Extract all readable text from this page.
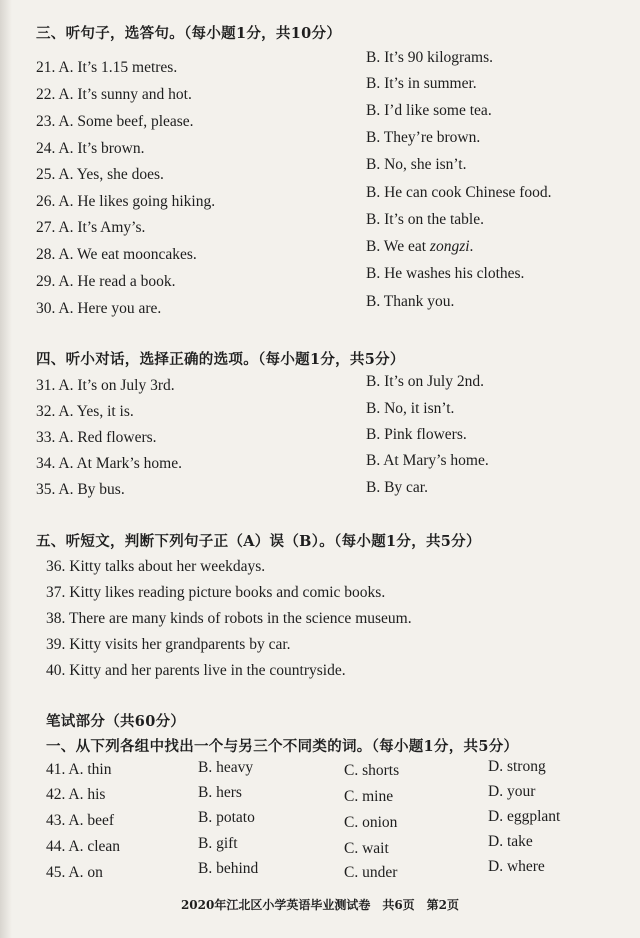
三、听句子，选答句。（每小题1分，共10分）
21. A. It’s 1.15 metres.
B. It’s 90 kilograms.
22. A. It’s sunny and hot.
B. It’s in summer.
23. A. Some beef, please.
B. I’d like some tea.
24. A. It’s brown.
B. They’re brown.
25. A. Yes, she does.
B. No, she isn’t.
26. A. He likes going hiking.
B. He can cook Chinese food.
27. A. It’s Amy’s.	B. It’s on the table.
28. A. We eat mooncakes.	B. We eat zongzi.
29. A. He read a book.	B. He washes his clothes.
30. A. Here you are.	B. Thank you.
四、听小对话，选择正确的选项。（每小题1分，共5分）
31. A. It’s on July 3rd.	B. It’s on July 2nd.
32. A. Yes, it is.	B. No, it isn’t.
33. A. Red flowers.	B. Pink flowers.
34. A. At Mark’s home.	B. At Mary’s home.
35. A. By bus.	B. By car.
五、听短文，判断下列句子正（A）误（B）。（每小题1分，共5分）
36. Kitty talks about her weekdays.
37. Kitty likes reading picture books and comic books.
38. There are many kinds of robots in the science museum.
39. Kitty visits her grandparents by car.
40. Kitty and her parents live in the countryside.
笔试部分（共60分）
一、从下列各组中找出一个与另三个不同类的词。（每小题1分，共5分）
41. A. thin	B. heavy	C. shorts	D. strong
42. A. his	B. hers	C. mine	D. your
43. A. beef	B. potato	C. onion	D. eggplant
44. A. clean	B. gift	C. wait	D. take
45. A. on	B. behind	C. under	D. where
2020年江北区小学英语毕业测试卷　共6页　第2页
